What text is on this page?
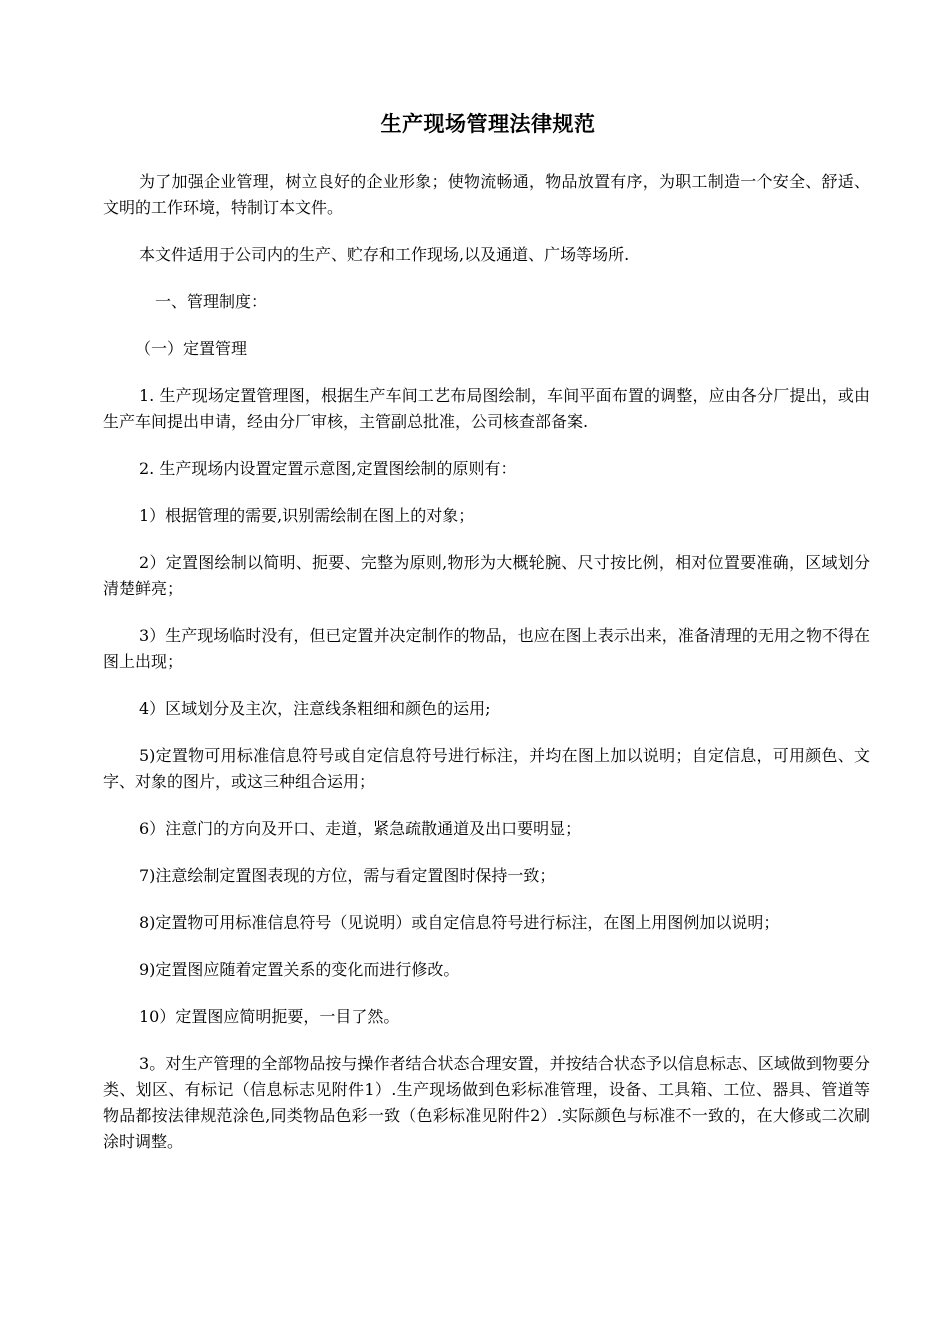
生产现场管理法律规范

为了加强企业管理，树立良好的企业形象；使物流畅通，物品放置有序，为职工制造一个安全、舒适、文明的工作环境，特制订本文件。

本文件适用于公司内的生产、贮存和工作现场,以及通道、广场等场所.

一、管理制度：

（一）定置管理

1. 生产现场定置管理图，根据生产车间工艺布局图绘制，车间平面布置的调整，应由各分厂提出，或由生产车间提出申请，经由分厂审核，主管副总批准，公司核查部备案.

2. 生产现场内设置定置示意图,定置图绘制的原则有：

1）根据管理的需要,识别需绘制在图上的对象；

2）定置图绘制以简明、扼要、完整为原则,物形为大概轮腕、尺寸按比例，相对位置要准确，区域划分清楚鲜亮；

3）生产现场临时没有，但已定置并决定制作的物品，也应在图上表示出来，准备清理的无用之物不得在图上出现；

4）区域划分及主次，注意线条粗细和颜色的运用;

5)定置物可用标准信息符号或自定信息符号进行标注，并均在图上加以说明；自定信息，可用颜色、文字、对象的图片，或这三种组合运用；

6）注意门的方向及开口、走道，紧急疏散通道及出口要明显；

7)注意绘制定置图表现的方位，需与看定置图时保持一致；

8)定置物可用标准信息符号（见说明）或自定信息符号进行标注，在图上用图例加以说明；

9)定置图应随着定置关系的变化而进行修改。

10）定置图应简明扼要，一目了然。

3。对生产管理的全部物品按与操作者结合状态合理安置，并按结合状态予以信息标志、区域做到物要分类、划区、有标记（信息标志见附件1）.生产现场做到色彩标准管理，设备、工具箱、工位、器具、管道等物品都按法律规范涂色,同类物品色彩一致（色彩标准见附件2）.实际颜色与标准不一致的，在大修或二次刷涂时调整。
